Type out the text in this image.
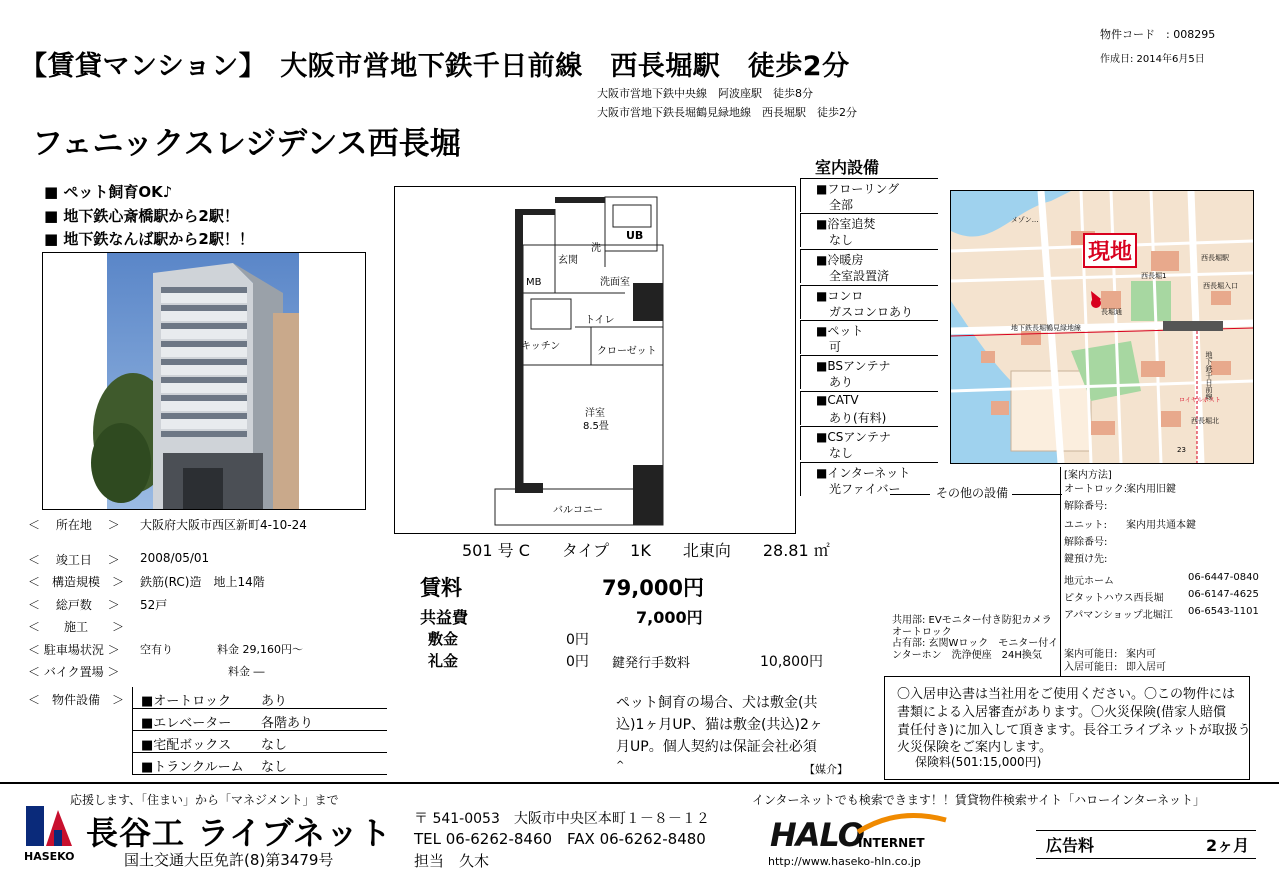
【賃貸マンション】　大阪市営地下鉄千日前線　西長堀駅　徒歩2分
物件コード　: 008295
作成日: 2014年6月5日
大阪市営地下鉄中央線　阿波座駅　徒歩8分
大阪市営地下鉄長堀鶴見緑地線　西長堀駅　徒歩2分
フェニックスレジデンス西長堀
■ ペット飼育OK♪
■ 地下鉄心斎橋駅から2駅！
■ 地下鉄なんば駅から2駅！！
玄関
洗
UB
洗面室
MB
トイレ
キッチン	クローゼット
洋室
8.5畳
バルコニー
501 号 C　　タイプ　 1K　　北東向　　28.81 ㎡
室内設備
■フローリング
全部
■浴室追焚
なし
■冷暖房
全室設置済
■コンロ
ガスコンロあり
■ペット
可
■BSアンテナ
あり
■CATV
あり(有料)
■CSアンテナ
なし
■インターネット
光ファイバー	その他の設備
現地
地下鉄長堀鶴見緑地線
西長堀駅
長堀通
西長堀入口
地下鉄千日前線
ロイヤルホスト
メゾン...
西長堀1
西長堀北
23
[案内方法]
オートロック:
案内用旧鍵
解除番号:
ユニット: 案内用共通本鍵
解除番号:
鍵預け先:
地元ホーム	06-6447-0840
ピタットハウス西長堀 06-6147-4625
アパマンショップ北堀江 06-6543-1101
案内可能日: 案内可
入居可能日: 即入居可
共用部: EVモニター付き防犯カメラ　オートロック
占有部: 玄関Wロック　モニター付インターホン　洗浄便座　24H換気
＜　 所在地　 ＞	大阪府大阪市西区新町4-10-24
＜　 竣工日　 ＞	2008/05/01
＜　構造規模　＞	鉄筋(RC)造　地上14階
＜　 総戸数　 ＞	52戸
＜　　施工　　＞
＜ 駐車場状況 ＞	空有り　　　　料金 29,160円～
＜ バイク置場 ＞	　　　　　　　　料金 ―
＜　物件設備　＞	■オートロック あり
■エレベーター 各階あり
■宅配ボックス なし
■トランクルーム なし
賃料	79,000円
共益費	7,000円
敷金	0円
礼金	0円 鍵発行手数料	10,800円
ペット飼育の場合、犬は敷金(共
込)1ヶ月UP、猫は敷金(共込)2ヶ
月UP。個人契約は保証会社必須
^	【媒介】
〇入居申込書は当社用をご使用ください。〇この物件には
書類による入居審査があります。〇火災保険(借家人賠償
責任付き)に加入して頂きます。長谷工ライブネットが取扱う
火災保険をご案内します。
保険料(501:15,000円)
応援します、「住まい」から「マネジメント」まで
HASEKO
長谷工 ライブネット
国土交通大臣免許(8)第3479号
〒 541-0053　大阪市中央区本町１－８－１２
TEL 06-6262-8460　FAX 06-6262-8480
担当　久木
インターネットでも検索できます！！賃貸物件検索サイト「ハローインターネット」
HALO
INTERNET
http://www.haseko-hln.co.jp
広告料	2ヶ月
